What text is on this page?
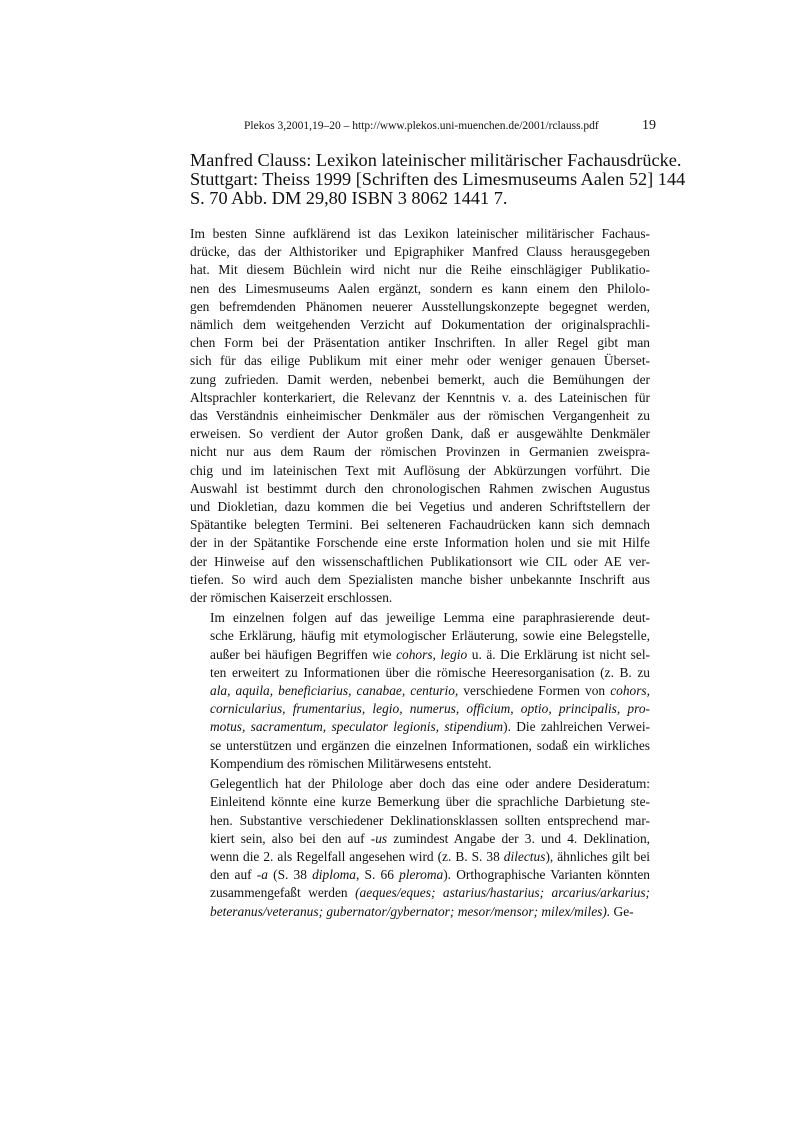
Plekos 3,2001,19–20 – http://www.plekos.uni-muenchen.de/2001/rclauss.pdf	19
Manfred Clauss: Lexikon lateinischer militärischer Fachausdrücke.
Stuttgart: Theiss 1999 [Schriften des Limesmuseums Aalen 52] 144
S. 70 Abb. DM 29,80 ISBN 3 8062 1441 7.

Im besten Sinne aufklärend ist das Lexikon lateinischer militärischer Fachaus-
drücke, das der Althistoriker und Epigraphiker Manfred Clauss herausgegeben
hat. Mit diesem Büchlein wird nicht nur die Reihe einschlägiger Publikatio-
nen des Limesmuseums Aalen ergänzt, sondern es kann einem den Philolo-
gen befremdenden Phänomen neuerer Ausstellungskonzepte begegnet werden,
nämlich dem weitgehenden Verzicht auf Dokumentation der originalsprachli-
chen Form bei der Präsentation antiker Inschriften. In aller Regel gibt man
sich für das eilige Publikum mit einer mehr oder weniger genauen Überset-
zung zufrieden. Damit werden, nebenbei bemerkt, auch die Bemühungen der
Altsprachler konterkariert, die Relevanz der Kenntnis v. a. des Lateinischen für
das Verständnis einheimischer Denkmäler aus der römischen Vergangenheit zu
erweisen. So verdient der Autor großen Dank, daß er ausgewählte Denkmäler
nicht nur aus dem Raum der römischen Provinzen in Germanien zweispra-
chig und im lateinischen Text mit Auflösung der Abkürzungen vorführt. Die
Auswahl ist bestimmt durch den chronologischen Rahmen zwischen Augustus
und Diokletian, dazu kommen die bei Vegetius und anderen Schriftstellern der
Spätantike belegten Termini. Bei selteneren Fachaudrücken kann sich demnach
der in der Spätantike Forschende eine erste Information holen und sie mit Hilfe
der Hinweise auf den wissenschaftlichen Publikationsort wie CIL oder AE ver-
tiefen. So wird auch dem Spezialisten manche bisher unbekannte Inschrift aus
der römischen Kaiserzeit erschlossen.

Im einzelnen folgen auf das jeweilige Lemma eine paraphrasierende deut-
sche Erklärung, häufig mit etymologischer Erläuterung, sowie eine Belegstelle,
außer bei häufigen Begriffen wie cohors, legio u. ä. Die Erklärung ist nicht sel-
ten erweitert zu Informationen über die römische Heeresorganisation (z. B. zu
ala, aquila, beneficiarius, canabae, centurio, verschiedene Formen von cohors,
cornicularius, frumentarius, legio, numerus, officium, optio, principalis, pro-
motus, sacramentum, speculator legionis, stipendium). Die zahlreichen Verwei-
se unterstützen und ergänzen die einzelnen Informationen, sodaß ein wirkliches
Kompendium des römischen Militärwesens entsteht.

Gelegentlich hat der Philologe aber doch das eine oder andere Desideratum:
Einleitend könnte eine kurze Bemerkung über die sprachliche Darbietung ste-
hen. Substantive verschiedener Deklinationsklassen sollten entsprechend mar-
kiert sein, also bei den auf -us zumindest Angabe der 3. und 4. Deklination,
wenn die 2. als Regelfall angesehen wird (z. B. S. 38 dilectus), ähnliches gilt bei
den auf -a (S. 38 diploma, S. 66 pleroma). Orthographische Varianten könnten
zusammengefaßt werden (aeques/eques; astarius/hastarius; arcarius/arkarius;
beteranus/veteranus; gubernator/gybernator; mesor/mensor; milex/miles). Ge-
